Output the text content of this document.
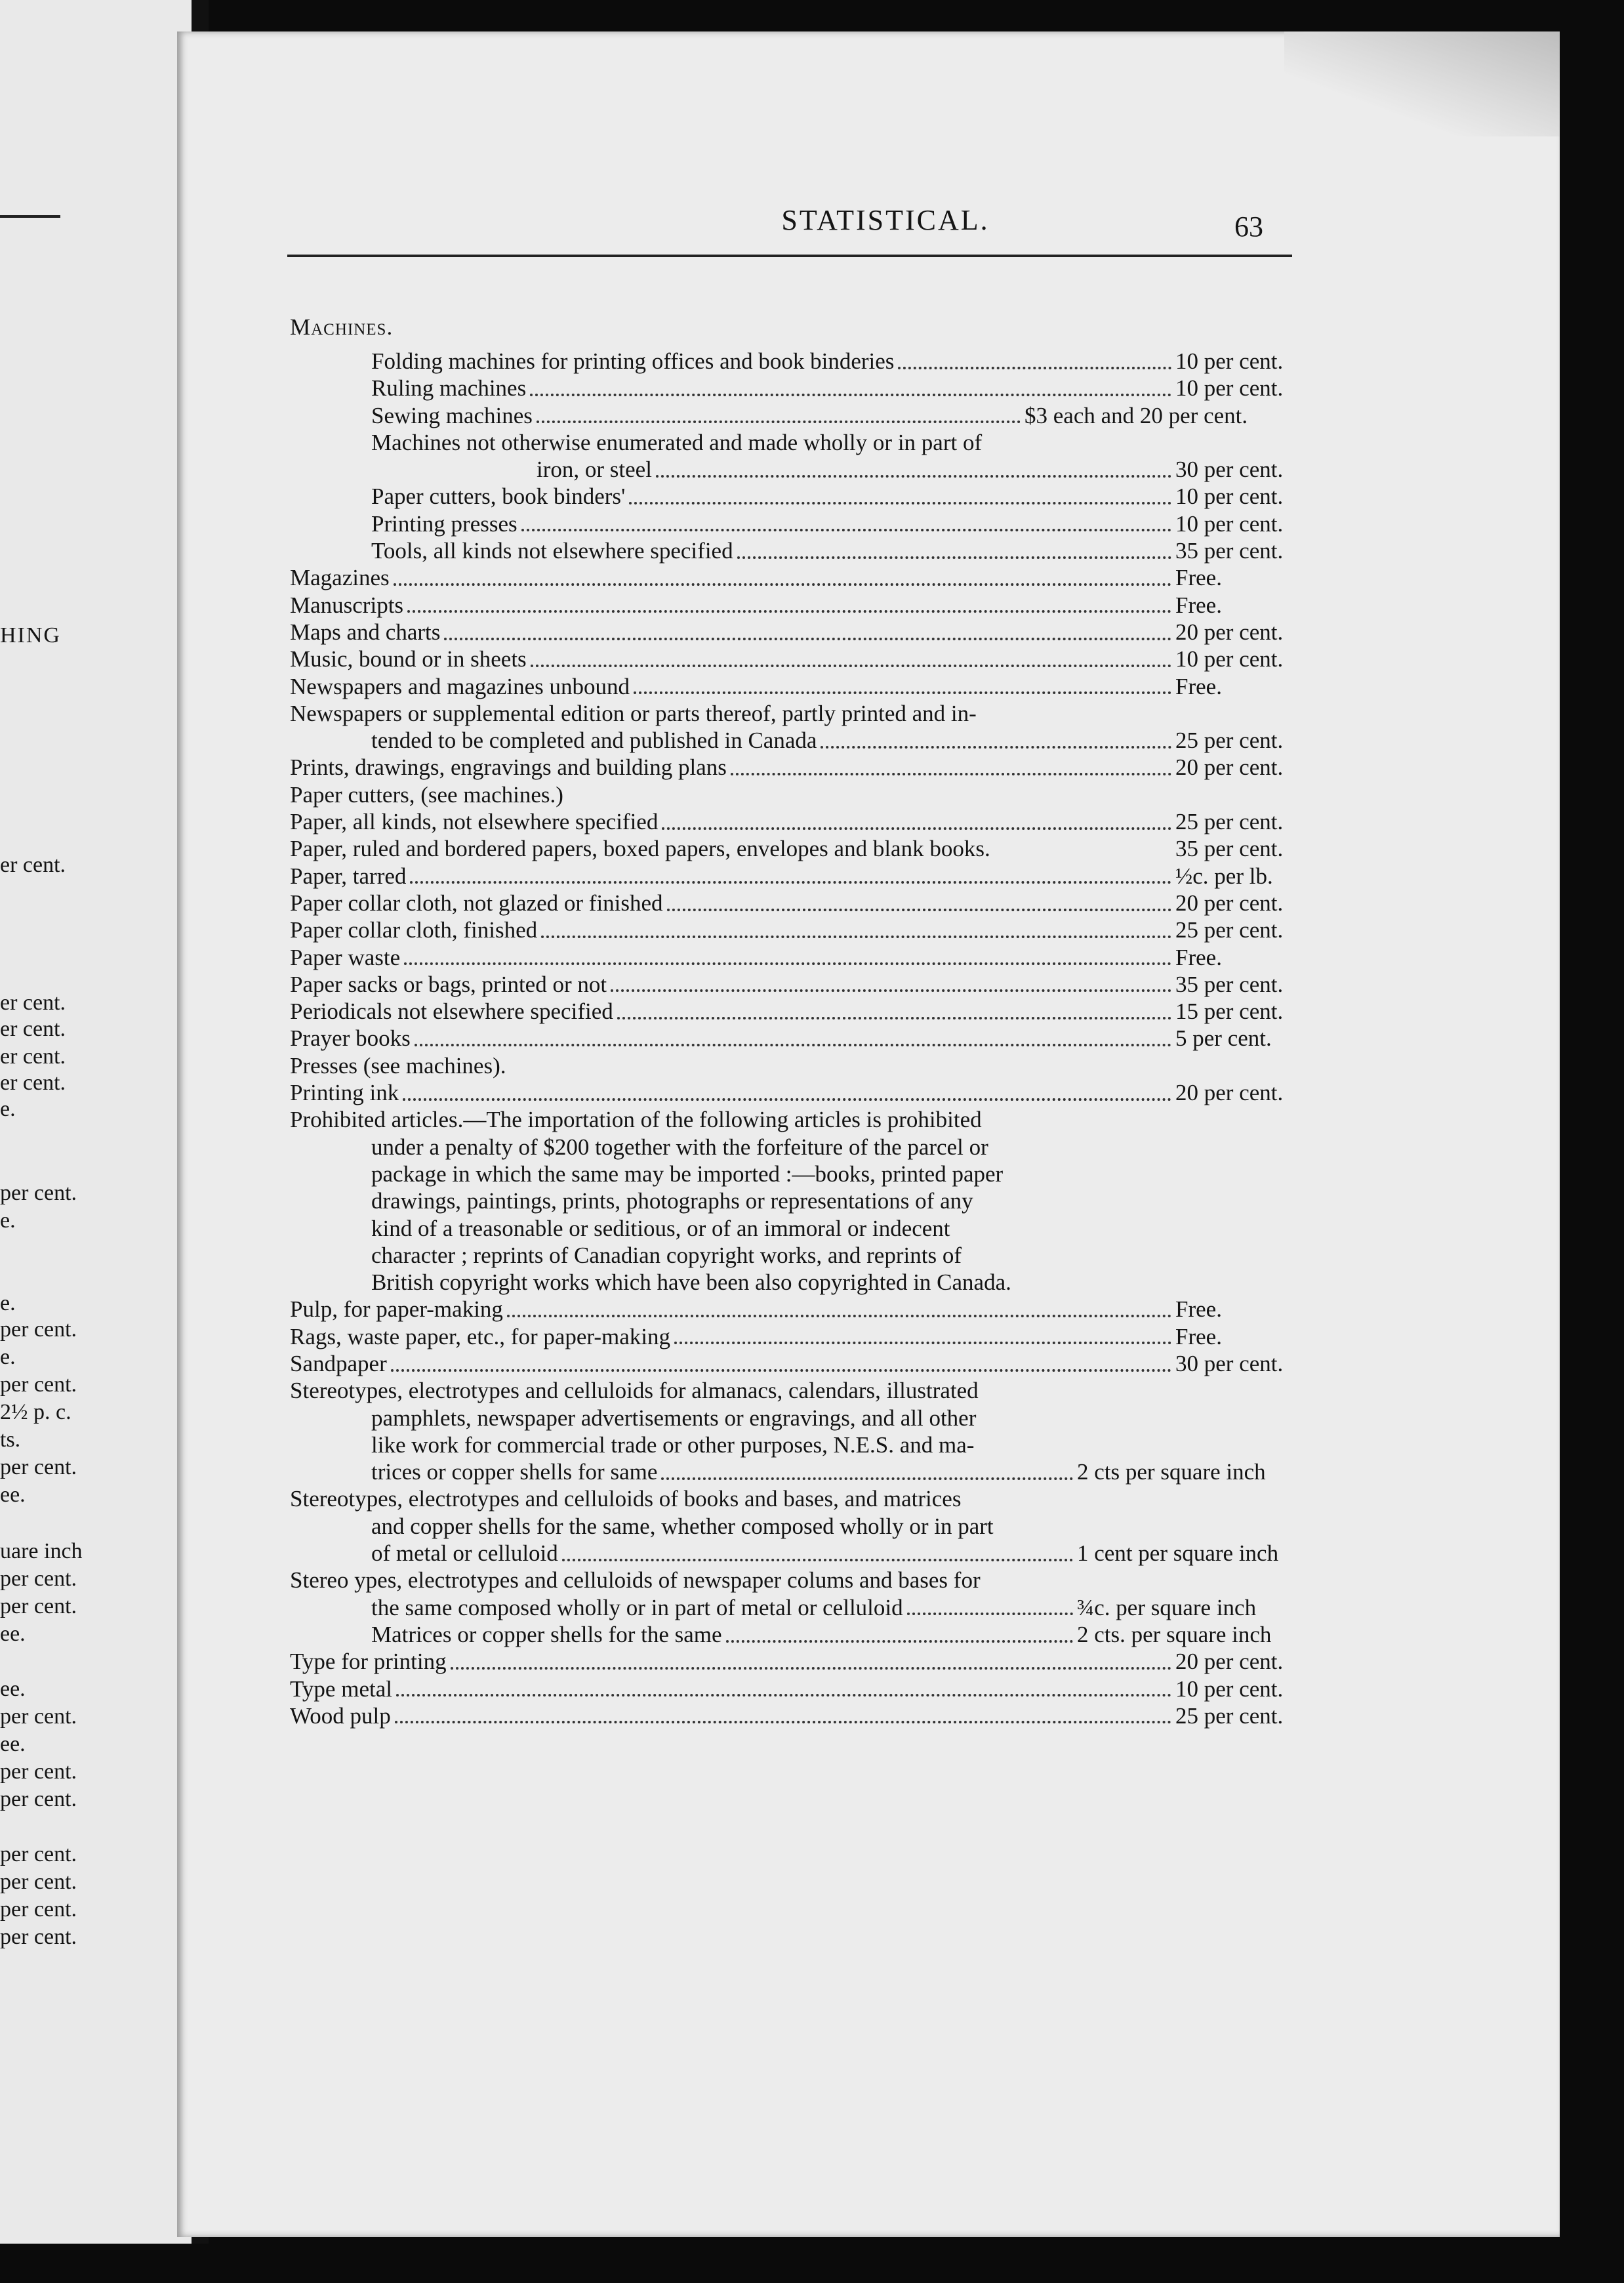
HING
er cent.
er cent.
er cent.
er cent.
er cent.
e.
per cent.
e.
e.
per cent.
e.
per cent.
2½ p. c.
ts.
per cent.
ee.
uare inch
per cent.
per cent.
ee.
ee.
per cent.
ee.
per cent.
per cent.
per cent.
per cent.
per cent.
per cent.
STATISTICAL.	63
Machines.
Folding machines for printing offices and book binderies	10 per cent.
Ruling machines	10 per cent.
Sewing machines	$3 each and 20 per cent.
Machines not otherwise enumerated and made wholly or in part of
iron, or steel	30 per cent.
Paper cutters, book binders'	10 per cent.
Printing presses	10 per cent.
Tools, all kinds not elsewhere specified	35 per cent.
Magazines	Free.
Manuscripts	Free.
Maps and charts	20 per cent.
Music, bound or in sheets	10 per cent.
Newspapers and magazines unbound	Free.
Newspapers or supplemental edition or parts thereof, partly printed and in-
tended to be completed and published in Canada	25 per cent.
Prints, drawings, engravings and building plans	20 per cent.
Paper cutters, (see machines.)
Paper, all kinds, not elsewhere specified	25 per cent.
Paper, ruled and bordered papers, boxed papers, envelopes and blank books.	35 per cent.
Paper, tarred	½c. per lb.
Paper collar cloth, not glazed or finished	20 per cent.
Paper collar cloth, finished	25 per cent.
Paper waste	Free.
Paper sacks or bags, printed or not	35 per cent.
Periodicals not elsewhere specified	15 per cent.
Prayer books	5 per cent.
Presses (see machines).
Printing ink	20 per cent.
Prohibited articles.—The importation of the following articles is prohibited
under a penalty of $200 together with the forfeiture of the parcel or
package in which the same may be imported :—books, printed paper
drawings, paintings, prints, photographs or representations of any
kind of a treasonable or seditious, or of an immoral or indecent
character ; reprints of Canadian copyright works, and reprints of
British copyright works which have been also copyrighted in Canada.
Pulp, for paper-making	Free.
Rags, waste paper, etc., for paper-making	Free.
Sandpaper	30 per cent.
Stereotypes, electrotypes and celluloids for almanacs, calendars, illustrated
pamphlets, newspaper advertisements or engravings, and all other
like work for commercial trade or other purposes, N.E.S. and ma-
trices or copper shells for same	2 cts per square inch
Stereotypes, electrotypes and celluloids of books and bases, and matrices
and copper shells for the same, whether composed wholly or in part
of metal or celluloid	1 cent per square inch
Stereo ypes, electrotypes and celluloids of newspaper colums and bases for
the same composed wholly or in part of metal or celluloid	¾c. per square inch
Matrices or copper shells for the same	2 cts. per square inch
Type for printing	20 per cent.
Type metal	10 per cent.
Wood pulp	25 per cent.
